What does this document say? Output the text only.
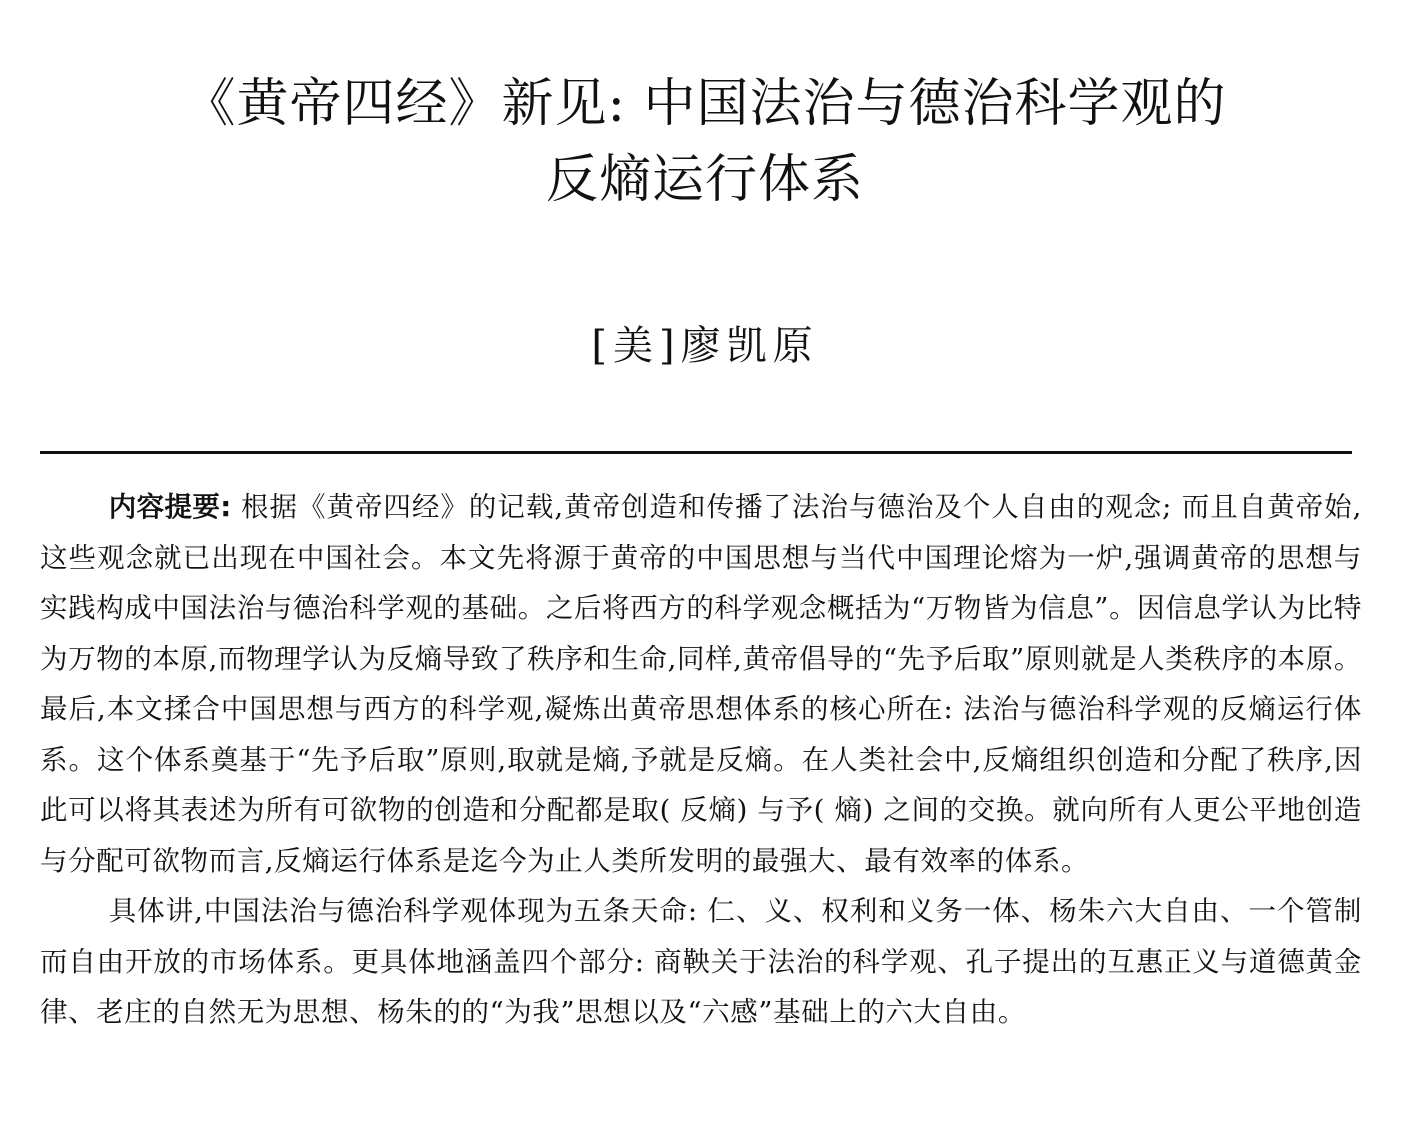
《黄帝四经》新见: 中国法治与德治科学观的
反熵运行体系
[美]廖凯原

内容提要: 根据《黄帝四经》的记载,黄帝创造和传播了法治与德治及个人自由的观念; 而且自黄帝始,这些观念就已出现在中国社会。本文先将源于黄帝的中国思想与当代中国理论熔为一炉,强调黄帝的思想与实践构成中国法治与德治科学观的基础。之后将西方的科学观念概括为“万物皆为信息”。因信息学认为比特为万物的本原,而物理学认为反熵导致了秩序和生命,同样,黄帝倡导的“先予后取”原则就是人类秩序的本原。最后,本文揉合中国思想与西方的科学观,凝炼出黄帝思想体系的核心所在: 法治与德治科学观的反熵运行体系。这个体系奠基于“先予后取”原则,取就是熵,予就是反熵。在人类社会中,反熵组织创造和分配了秩序,因此可以将其表述为所有可欲物的创造和分配都是取( 反熵) 与予( 熵) 之间的交换。就向所有人更公平地创造与分配可欲物而言,反熵运行体系是迄今为止人类所发明的最强大、最有效率的体系。

具体讲,中国法治与德治科学观体现为五条天命: 仁、义、权利和义务一体、杨朱六大自由、一个管制而自由开放的市场体系。更具体地涵盖四个部分: 商鞅关于法治的科学观、孔子提出的互惠正义与道德黄金律、老庄的自然无为思想、杨朱的的“为我”思想以及“六感”基础上的六大自由。
